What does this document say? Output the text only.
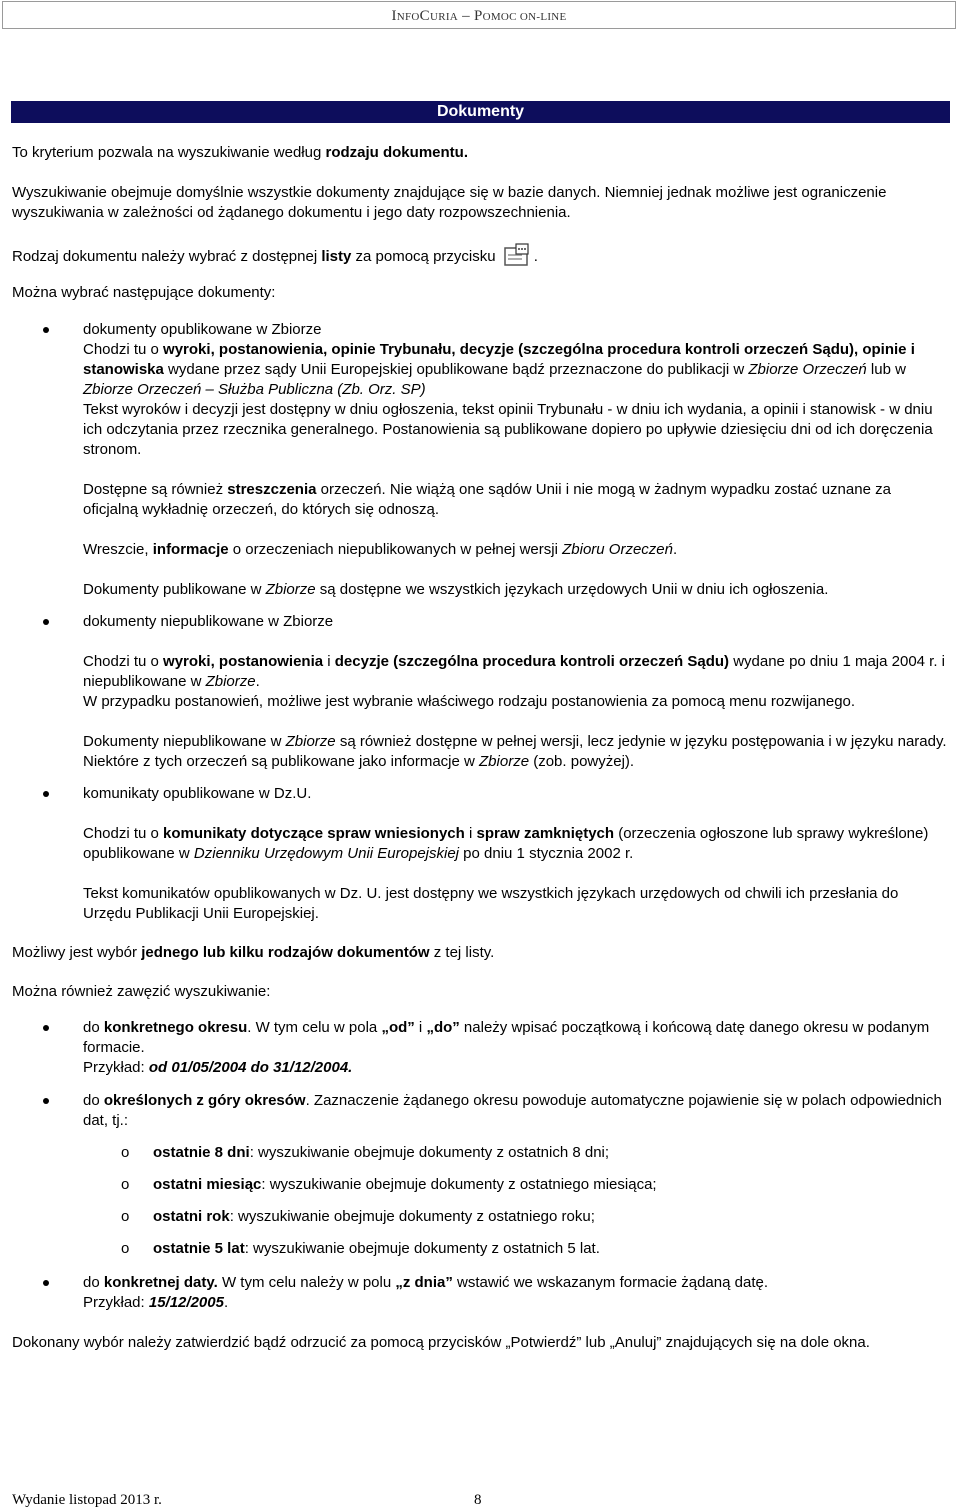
INFOCURIA – POMOC ON-LINE
Dokumenty

To kryterium pozwala na wyszukiwanie według rodzaju dokumentu.

Wyszukiwanie obejmuje domyślnie wszystkie dokumenty znajdujące się w bazie danych. Niemniej jednak możliwe jest ograniczenie wyszukiwania w zależności od żądanego dokumentu i jego daty rozpowszechnienia.

Rodzaj dokumentu należy wybrać z dostępnej listy za pomocą przycisku .

Można wybrać następujące dokumenty:

dokumenty opublikowane w Zbiorze

Chodzi tu o wyroki, postanowienia, opinie Trybunału, decyzje (szczególna procedura kontroli orzeczeń Sądu), opinie i stanowiska wydane przez sądy Unii Europejskiej opublikowane bądź przeznaczone do publikacji w Zbiorze Orzeczeń lub w Zbiorze Orzeczeń – Służba Publiczna (Zb. Orz. SP)

Tekst wyroków i decyzji jest dostępny w dniu ogłoszenia, tekst opinii Trybunału - w dniu ich wydania, a opinii i stanowisk - w dniu ich odczytania przez rzecznika generalnego. Postanowienia są publikowane dopiero po upływie dziesięciu dni od ich doręczenia stronom.

Dostępne są również streszczenia orzeczeń. Nie wiążą one sądów Unii i nie mogą w żadnym wypadku zostać uznane za oficjalną wykładnię orzeczeń, do których się odnoszą.

Wreszcie, informacje o orzeczeniach niepublikowanych w pełnej wersji Zbioru Orzeczeń.

Dokumenty publikowane w Zbiorze są dostępne we wszystkich językach urzędowych Unii w dniu ich ogłoszenia.

dokumenty niepublikowane w Zbiorze

Chodzi tu o wyroki, postanowienia i decyzje (szczególna procedura kontroli orzeczeń Sądu) wydane po dniu 1 maja 2004 r. i niepublikowane w Zbiorze.

W przypadku postanowień, możliwe jest wybranie właściwego rodzaju postanowienia za pomocą menu rozwijanego.

Dokumenty niepublikowane w Zbiorze są również dostępne w pełnej wersji, lecz jedynie w języku postępowania i w języku narady. Niektóre z tych orzeczeń są publikowane jako informacje w Zbiorze (zob. powyżej).

komunikaty opublikowane w Dz.U.

Chodzi tu o komunikaty dotyczące spraw wniesionych i spraw zamkniętych (orzeczenia ogłoszone lub sprawy wykreślone) opublikowane w Dzienniku Urzędowym Unii Europejskiej po dniu 1 stycznia 2002 r.

Tekst komunikatów opublikowanych w Dz. U. jest dostępny we wszystkich językach urzędowych od chwili ich przesłania do Urzędu Publikacji Unii Europejskiej.

Możliwy jest wybór jednego lub kilku rodzajów dokumentów z tej listy.

Można również zawęzić wyszukiwanie:

do konkretnego okresu. W tym celu w pola „od” i „do” należy wpisać początkową i końcową datę danego okresu w podanym formacie.

Przykład: od 01/05/2004 do 31/12/2004.

do określonych z góry okresów. Zaznaczenie żądanego okresu powoduje automatyczne pojawienie się w polach odpowiednich dat, tj.:

o ostatnie 8 dni: wyszukiwanie obejmuje dokumenty z ostatnich 8 dni;
o ostatni miesiąc: wyszukiwanie obejmuje dokumenty z ostatniego miesiąca;
o ostatni rok: wyszukiwanie obejmuje dokumenty z ostatniego roku;
o ostatnie 5 lat: wyszukiwanie obejmuje dokumenty z ostatnich 5 lat.

do konkretnej daty. W tym celu należy w polu „z dnia” wstawić we wskazanym formacie żądaną datę.

Przykład: 15/12/2005.

Dokonany wybór należy zatwierdzić bądź odrzucić za pomocą przycisków „Potwierdź” lub „Anuluj” znajdujących się na dole okna.

Wydanie listopad 2013 r.	8
